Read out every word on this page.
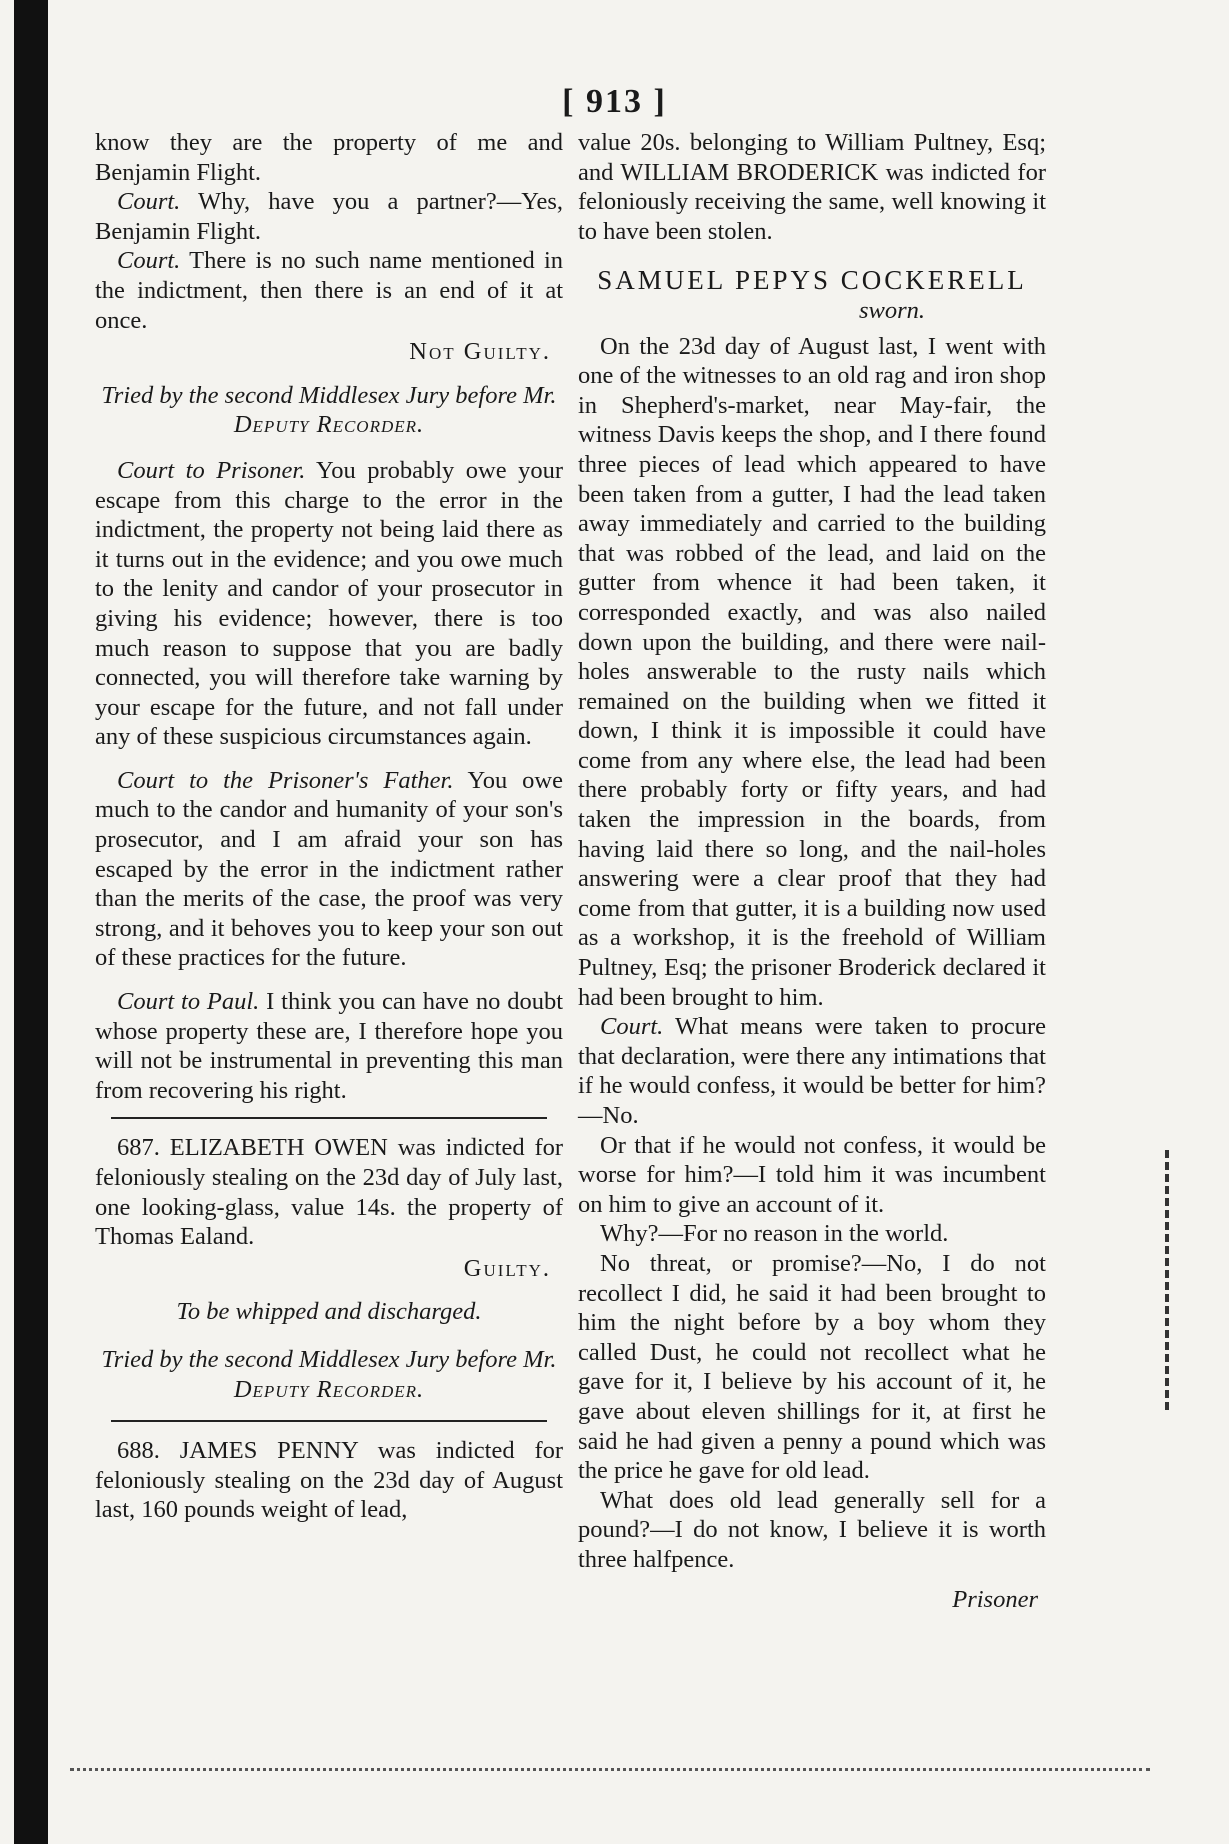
[ 913 ]

know they are the property of me and Benjamin Flight.

Court. Why, have you a partner?—Yes, Benjamin Flight.

Court. There is no such name mentioned in the indictment, then there is an end of it at once.

Not Guilty.

Tried by the second Middlesex Jury before Mr. Deputy Recorder.

Court to Prisoner. You probably owe your escape from this charge to the error in the indictment, the property not being laid there as it turns out in the evidence; and you owe much to the lenity and candor of your prosecutor in giving his evidence; however, there is too much reason to suppose that you are badly connected, you will therefore take warning by your escape for the future, and not fall under any of these suspicious circumstances again.

Court to the Prisoner's Father. You owe much to the candor and humanity of your son's prosecutor, and I am afraid your son has escaped by the error in the indictment rather than the merits of the case, the proof was very strong, and it behoves you to keep your son out of these practices for the future.

Court to Paul. I think you can have no doubt whose property these are, I therefore hope you will not be instrumental in preventing this man from recovering his right.

687. ELIZABETH OWEN was indicted for feloniously stealing on the 23d day of July last, one looking-glass, value 14s. the property of Thomas Ealand.

Guilty.

To be whipped and discharged.

Tried by the second Middlesex Jury before Mr. Deputy Recorder.

688. JAMES PENNY was indicted for feloniously stealing on the 23d day of August last, 160 pounds weight of lead,

value 20s. belonging to William Pultney, Esq; and WILLIAM BRODERICK was indicted for feloniously receiving the same, well knowing it to have been stolen.

SAMUEL PEPYS COCKERELL

sworn.

On the 23d day of August last, I went with one of the witnesses to an old rag and iron shop in Shepherd's-market, near May-fair, the witness Davis keeps the shop, and I there found three pieces of lead which appeared to have been taken from a gutter, I had the lead taken away immediately and carried to the building that was robbed of the lead, and laid on the gutter from whence it had been taken, it corresponded exactly, and was also nailed down upon the building, and there were nail-holes answerable to the rusty nails which remained on the building when we fitted it down, I think it is impossible it could have come from any where else, the lead had been there probably forty or fifty years, and had taken the impression in the boards, from having laid there so long, and the nail-holes answering were a clear proof that they had come from that gutter, it is a building now used as a workshop, it is the freehold of William Pultney, Esq; the prisoner Broderick declared it had been brought to him.

Court. What means were taken to procure that declaration, were there any intimations that if he would confess, it would be better for him?—No.

Or that if he would not confess, it would be worse for him?—I told him it was incumbent on him to give an account of it.

Why?—For no reason in the world.

No threat, or promise?—No, I do not recollect I did, he said it had been brought to him the night before by a boy whom they called Dust, he could not recollect what he gave for it, I believe by his account of it, he gave about eleven shillings for it, at first he said he had given a penny a pound which was the price he gave for old lead.

What does old lead generally sell for a pound?—I do not know, I believe it is worth three halfpence.

Prisoner
